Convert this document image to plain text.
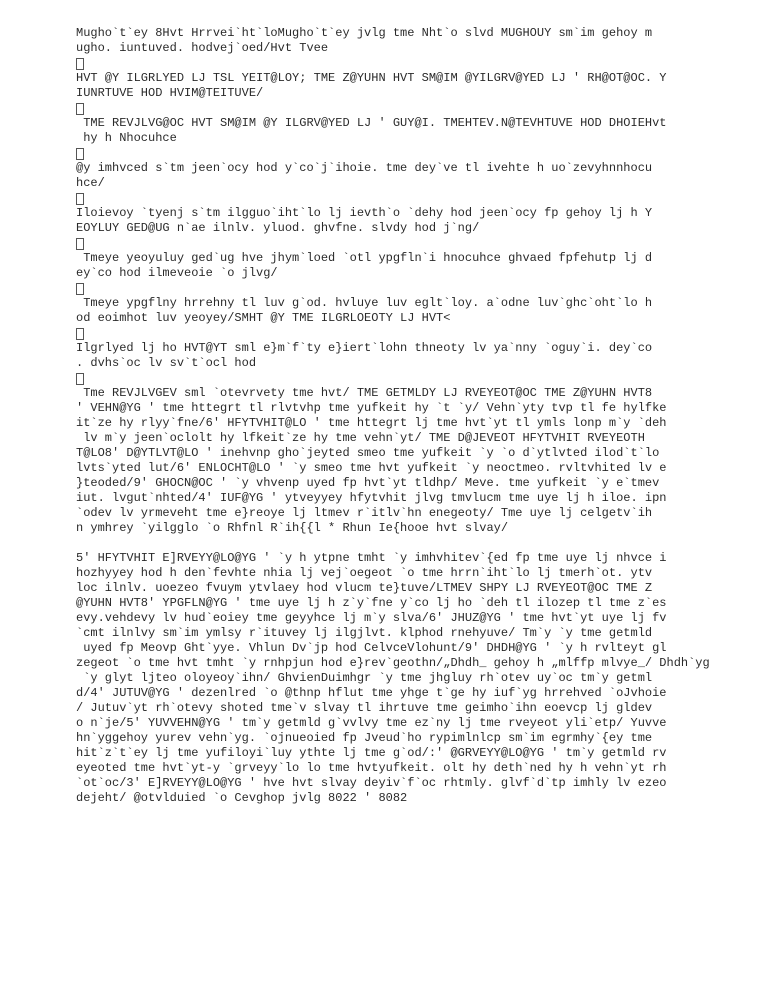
Mugho`t`ey 8Hvt Hrrvei`ht`loMugho`t`ey jvlg tme Nht`o slvd MUGHOUY sm`im gehoy m
ugho. iuntuved. hodvej`oed/Hvt Tvee
HVT @Y ILGRLYED LJ TSL YEIT@LOY; TME Z@YUHN HVT SM@IM @YILGRV@YED LJ ' RH@OT@OC. Y
IUNRTUVE HOD HVIM@TEITUVE/
TME REVJLVG@OC HVT SM@IM @Y ILGRV@YED LJ ' GUY@I. TMEHTEV.N@TEVHTUVE HOD DHOIEHvt
hy h Nhocuhce
@y imhvced s`tm jeen`ocy hod y`co`j`ihoie. tme dey`ve tl ivehte h uo`zevyhnnhocu
hce/
Iloievoy `tyenj s`tm ilgguo`iht`lo lj ievth`o `dehy hod jeen`ocy fp gehoy lj h Y
EOYLUY GED@UG n`ae ilnlv. yluod. ghvfne. slvdy hod j`ng/
Tmeye yeoyuluy ged`ug hve jhym`loed `otl ypgfln`i hnocuhce ghvaed fpfehutp lj d
ey`co hod ilmeveoie `o jlvg/
Tmeye ypgflny hrrehny tl luv g`od. hvluye luv eglt`loy. a`odne luv`ghc`oht`lo h
od eoimhot luv yeoyey/SMHT @Y TME ILGRLOEOTY LJ HVT<
Ilgrlyed lj ho HVT@YT sml e}m`f`ty e}iert`lohn thneoty lv ya`nny `oguy`i. dey`co
. dvhs`oc lv sv`t`ocl hod
Tme REVJLVGEV sml `otevrvety tme hvt/ TME GETMLDY LJ RVEYEOT@OC TME Z@YUHN HVT8
' VEHN@YG ' tme httegrt tl rlvtvhp tme yufkeit hy `t `y/ Vehn`yty tvp tl fe hylfke
it`ze hy rlyy`fne/6' HFYTVHIT@LO ' tme httegrt lj tme hvt`yt tl ymls lonp m`y `deh
lv m`y jeen`oclolt hy lfkeit`ze hy tme vehn`yt/ TME D@JEVEOT HFYTVHIT RVEYEOTH
T@LO8' D@YTLVT@LO ' inehvnp gho`jeyted smeo tme yufkeit `y `o d`ytlvted ilod`t`lo
lvts`yted lut/6' ENLOCHT@LO ' `y smeo tme hvt yufkeit `y neoctmeo. rvltvhited lv e
}teoded/9' GHOCN@OC ' `y vhvenp uyed fp hvt`yt tldhp/ Meve. tme yufkeit `y e`tmev
iut. lvgut`nhted/4' IUF@YG ' ytveyyey hfytvhit jlvg tmvlucm tme uye lj h iloe. ipn
`odev lv yrmeveht tme e}reoye lj ltmev r`itlv`hn enegeoty/ Tme uye lj celgetv`ih
n ymhrey `yilgglo `o Rhfnl R`ih{{l * Rhun Ie{hooe hvt slvay/
5' HFYTVHIT E]RVEYY@LO@YG ' `y h ytpne tmht `y imhvhitev`{ed fp tme uye lj nhvce i
hozhyyey hod h den`fevhte nhia lj vej`oegeot `o tme hrrn`iht`lo lj tmerh`ot. ytv
loc ilnlv. uoezeo fvuym ytvlaey hod vlucm te}tuve/LTMEV SHPY LJ RVEYEOT@OC TME Z
@YUHN HVT8' YPGFLN@YG ' tme uye lj h z`y`fne y`co lj ho `deh tl ilozep tl tme z`es
evy.vehdevy lv hud`eoiey tme geyyhce lj m`y slva/6' JHUZ@YG ' tme hvt`yt uye lj fv
`cmt ilnlvy sm`im ymlsy r`ituvey lj ilgjlvt. klphod rnehyuve/ Tm`y `y tme getmld
uyed fp Meovp Ght`yye. Vhlun Dv`jp hod CelvceVlohunt/9' DHDH@YG ' `y h rvlteyt gl
zegeot `o tme hvt tmht `y rnhpjun hod e}rev`geothn/„Dhdh_ gehoy h „mlffp mlvye_/ Dhdh`yg
`y glyt ljteo oloyeoy`ihn/ GhvienDuimhgr `y tme jhgluy rh`otev uy`oc tm`y getml
d/4' JUTUV@YG ' dezenlred `o @thnp hflut tme yhge t`ge hy iuf`yg hrrehved `oJvhoie
/ Jutuv`yt rh`otevy shoted tme`v slvay tl ihrtuve tme geimho`ihn eoevcp lj gldev
o n`je/5' YUVVEHN@YG ' tm`y getmld g`vvlvy tme ez`ny lj tme rveyeot yli`etp/ Yuvve
hn`yggehoy yurev vehn`yg. `ojnueoied fp Jveud`ho rypimlnlcp sm`im egrmhy`{ey tme
hit`z`t`ey lj tme yufiloyi`luy ythte lj tme g`od/:' @GRVEYY@LO@YG ' tm`y getmld rv
eyeoted tme hvt`yt-y `grveyy`lo lo tme hvtyufkeit. olt hy deth`ned hy h vehn`yt rh
`ot`oc/3' E]RVEYY@LO@YG ' hve hvt slvay deyiv`f`oc rhtmly. glvf`d`tp imhly lv ezeo
dejeht/ @otvlduied `o Cevghop jvlg 8022 ' 8082
